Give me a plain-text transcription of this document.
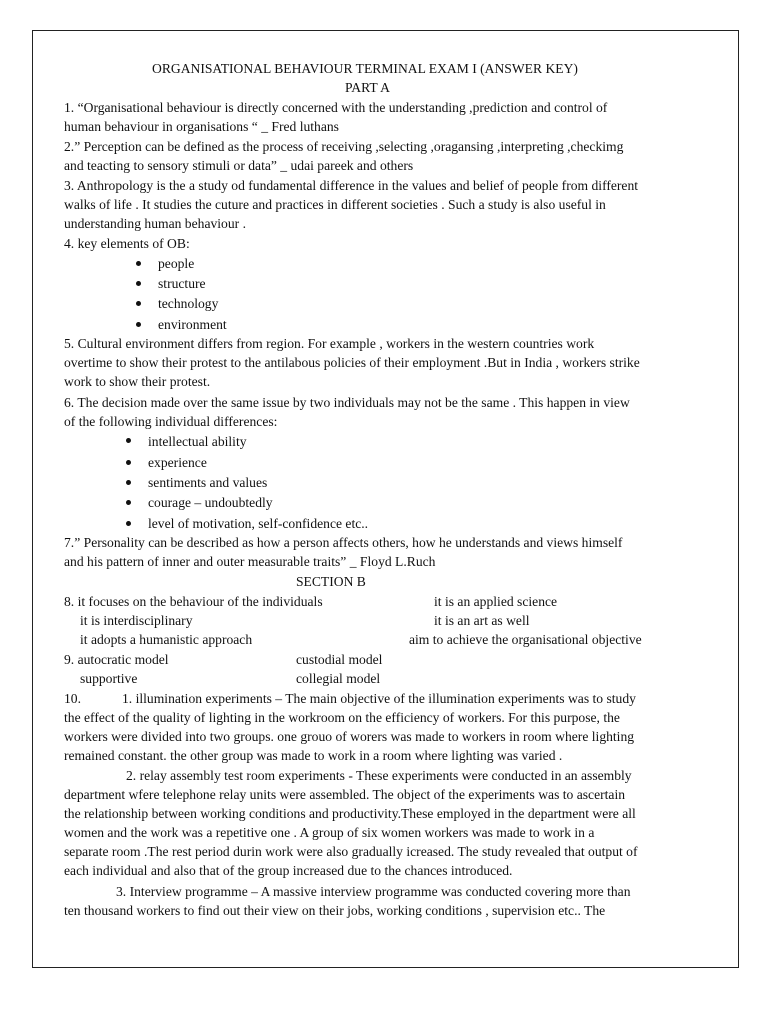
ORGANISATIONAL BEHAVIOUR TERMINAL EXAM I (ANSWER KEY)
PART A
1. “Organisational behaviour is directly concerned with the understanding ,prediction and control of
human behaviour in organisations “ _ Fred luthans
2.” Perception can be defined as the process of receiving ,selecting ,oragansing ,interpreting ,checkimg
and teacting to sensory stimuli or data” _ udai pareek and others
3. Anthropology is the a study od fundamental difference in the values and belief of people from different
walks of life . It studies the cuture and practices in different societies . Such a study is also useful in
understanding human behaviour .
4. key elements of OB:
people
structure
technology
environment
5. Cultural environment differs from region. For example , workers in the western countries work
overtime to show their protest to the antilabous policies of their employment .But in India , workers strike
work to show their protest.
6. The decision made over the same issue by two individuals may not be the same . This happen in view
of the following individual differences:
intellectual ability
experience
sentiments and values
courage – undoubtedly
level of motivation, self-confidence etc..
7.” Personality can be described as how a person affects others, how he understands and views himself
and his pattern of inner and outer measurable traits” _ Floyd L.Ruch
SECTION B
8. it focuses on the behaviour of the individuals	it is an applied science
it is interdisciplinary	it is an art as well
it adopts a humanistic approach	aim to achieve the organisational objective
9. autocratic model	custodial model
supportive	collegial model
10.	1. illumination experiments – The main objective of the illumination experiments was to study
the effect of the quality of lighting in the workroom on the efficiency of workers. For this purpose, the
workers were divided into two groups. one grouo of worers was made to workers in room where lighting
remained constant. the other group was made to work in a room where lighting was varied .
2. relay assembly test room experiments - These experiments were conducted in an assembly
department wfere telephone relay units were assembled. The object of the experiments was to ascertain
the relationship between working conditions and productivity.These employed in the department were all
women and the work was a repetitive one . A group of six women workers was made to work in a
separate room .The rest period durin work were also gradually icreased. The study revealed that output of
each individual and also that of the group increased due to the chances introduced.
3. Interview programme – A massive interview programme was conducted covering more than
ten thousand workers to find out their view on their jobs, working conditions , supervision etc.. The
